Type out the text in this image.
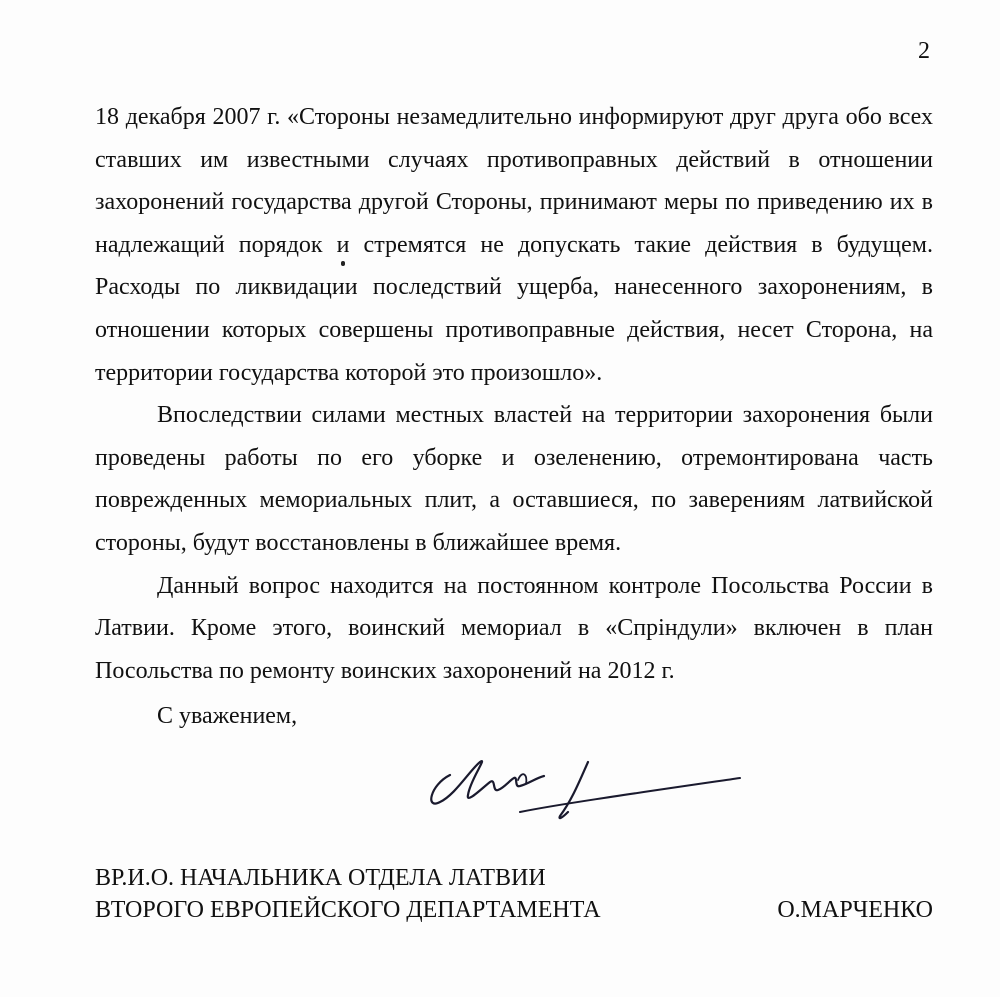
2

18 декабря 2007 г. «Стороны незамедлительно информируют друг друга обо всех ставших им известными случаях противоправных действий в отношении захоронений государства другой Стороны, принимают меры по приведению их в надлежащий порядок и стремятся не допускать такие действия в будущем. Расходы по ликвидации последствий ущерба, нанесенного захоронениям, в отношении которых совершены противоправные действия, несет Сторона, на территории государства которой это произошло».

Впоследствии силами местных властей на территории захоронения были проведены работы по его уборке и озеленению, отремонтирована часть поврежденных мемориальных плит, а оставшиеся, по заверениям латвийской стороны, будут восстановлены в ближайшее время.

Данный вопрос находится на постоянном контроле Посольства России в Латвии. Кроме этого, воинский мемориал в «Спріндули» включен в план Посольства по ремонту воинских захоронений на 2012 г.

С уважением,
ВР.И.О. НАЧАЛЬНИКА ОТДЕЛА ЛАТВИИ
ВТОРОГО ЕВРОПЕЙСКОГО ДЕПАРТАМЕНТА	О.МАРЧЕНКО
